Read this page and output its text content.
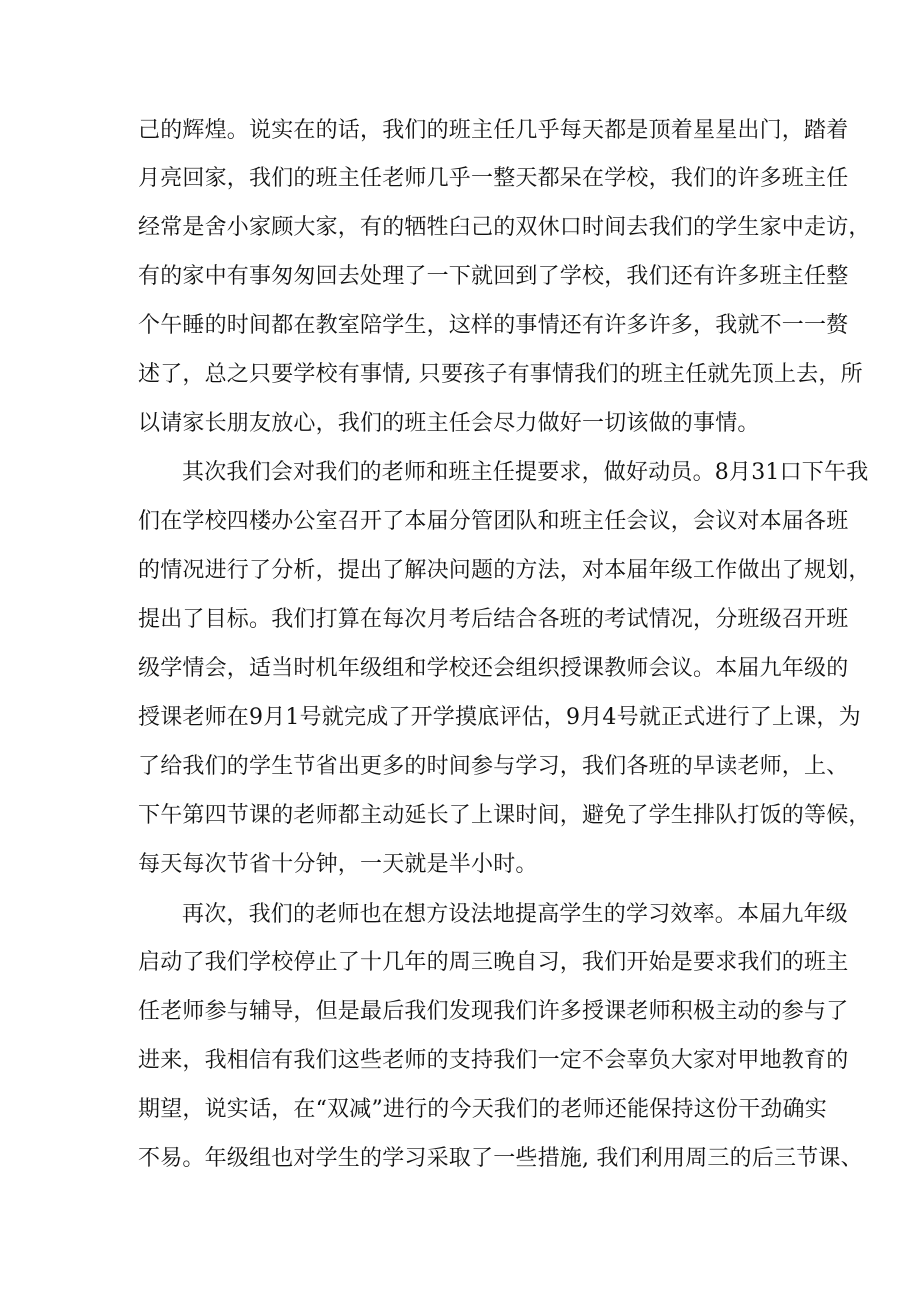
己的辉煌。说实在的话，我们的班主任几乎每天都是顶着星星出门，踏着
月亮回家，我们的班主任老师几乎一整天都呆在学校，我们的许多班主任
经常是舍小家顾大家，有的牺牲臼己的双休口时间去我们的学生家中走访，
有的家中有事匆匆回去处理了一下就回到了学校，我们还有许多班主任整
个午睡的时间都在教室陪学生，这样的事情还有许多许多，我就不一一赘
述了，总之只要学校有事情, 只要孩子有事情我们的班主任就先顶上去，所
以请家长朋友放心，我们的班主任会尽力做好一切该做的事情。
其次我们会对我们的老师和班主任提要求，做好动员。8月31口下午我
们在学校四楼办公室召开了本届分管团队和班主任会议，会议对本届各班
的情况进行了分析，提出了解决问题的方法，对本届年级工作做出了规划，
提出了目标。我们打算在每次月考后结合各班的考试情况，分班级召开班
级学情会，适当时机年级组和学校还会组织授课教师会议。本届九年级的
授课老师在9月1号就完成了开学摸底评估，9月4号就正式进行了上课，为
了给我们的学生节省出更多的时间参与学习，我们各班的早读老师，上、
下午第四节课的老师都主动延长了上课时间，避免了学生排队打饭的等候，
每天每次节省十分钟，一天就是半小时。
再次，我们的老师也在想方设法地提高学生的学习效率。本届九年级
启动了我们学校停止了十几年的周三晚自习，我们开始是要求我们的班主
任老师参与辅导，但是最后我们发现我们许多授课老师积极主动的参与了
进来，我相信有我们这些老师的支持我们一定不会辜负大家对甲地教育的
期望，说实话，在“双减”进行的今天我们的老师还能保持这份干劲确实
不易。年级组也对学生的学习采取了一些措施, 我们利用周三的后三节课、
